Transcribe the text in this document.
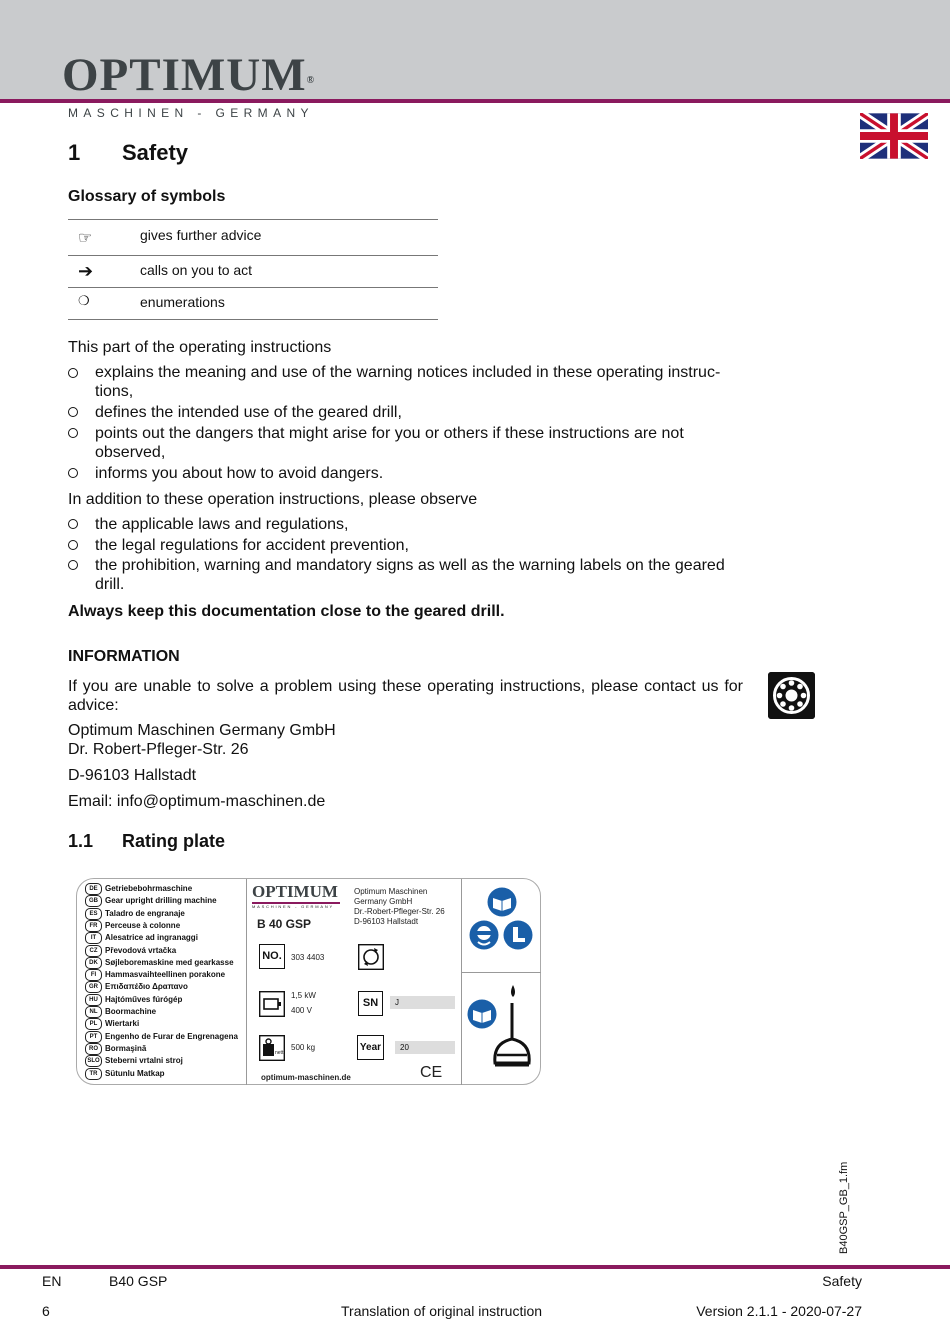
OPTIMUM®
MASCHINEN - GERMANY
1 Safety
Glossary of symbols
☞	gives further advice
➔	calls on you to act
❍	enumerations
This part of the operating instructions
explains the meaning and use of the warning notices included in these operating instruc-
tions,
defines the intended use of the geared drill,
points out the dangers that might arise for you or others if these instructions are not
observed,
informs you about how to avoid dangers.
In addition to these operation instructions, please observe
the applicable laws and regulations,
the legal regulations for accident prevention,
the prohibition, warning and mandatory signs as well as the warning labels on the geared
drill.
Always keep this documentation close to the geared drill.
INFORMATION
If you are unable to solve a problem using these operating instructions, please contact us for advice:
Optimum Maschinen Germany GmbH
Dr. Robert-Pfleger-Str. 26
D-96103 Hallstadt
Email: info@optimum-maschinen.de
1.1 Rating plate
DE Getriebebohrmaschine
GB Gear upright drilling machine
ES Taladro de engranaje
FR Perceuse à colonne
IT Alesatrice ad ingranaggi
CZ Převodová vrtačka
DK Søjleboremaskine med gearkasse
FI Hammasvaihteellinen porakone
GR Επιδαπέδιο Δραπανο
HU Hajtóműves fúrógép
NL Boormachine
PL Wiertarki
PT Engenho de Furar de Engrenagena
RO Bormaşină
SLO Steberni vrtalni stroj
TR Sütunlu Matkap
OPTIMUM
MASCHINEN - GERMANY
B 40 GSP
Optimum Maschinen
Germany GmbH
Dr.-Robert-Pfleger-Str. 26
D-96103 Hallstadt
NO.	303 4403
1,5 kW
400 V
SN	J
nett
500 kg	Year	20
optimum-maschinen.de	CE
B40GSP_GB_1.fm
EN	B40 GSP	Safety
6	Translation of original instruction	Version 2.1.1 - 2020-07-27
